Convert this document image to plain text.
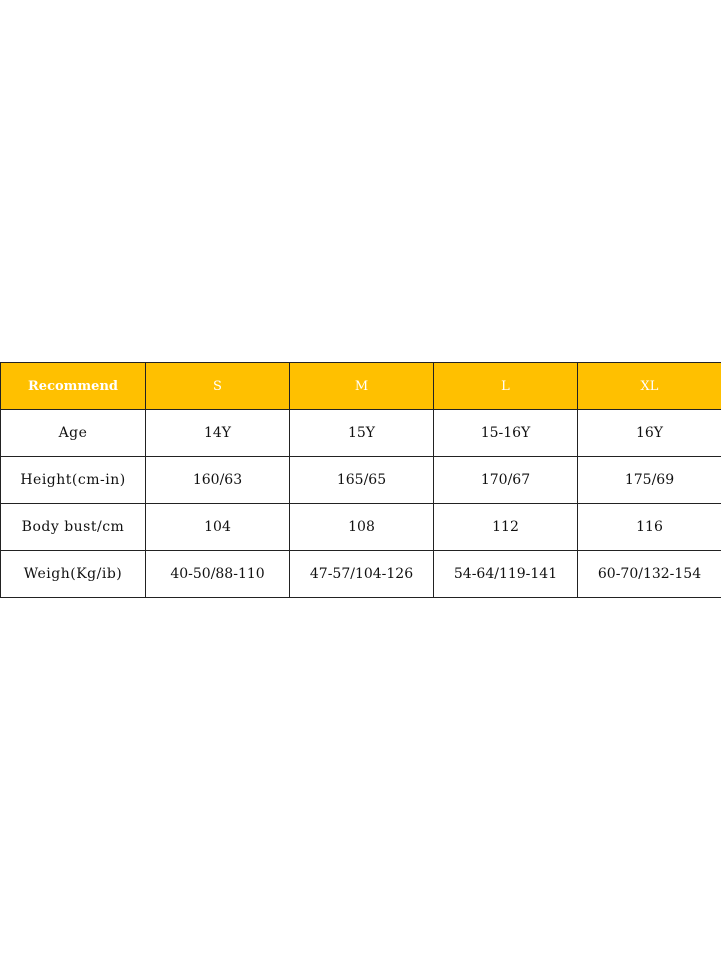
Recommend	S	M	L	XL
Age	14Y	15Y	15-16Y	16Y
Height(cm-in)	160/63	165/65	170/67	175/69
Body bust/cm	104	108	112	116
Weigh(Kg/ib)	40-50/88-110	47-57/104-126	54-64/119-141	60-70/132-154
